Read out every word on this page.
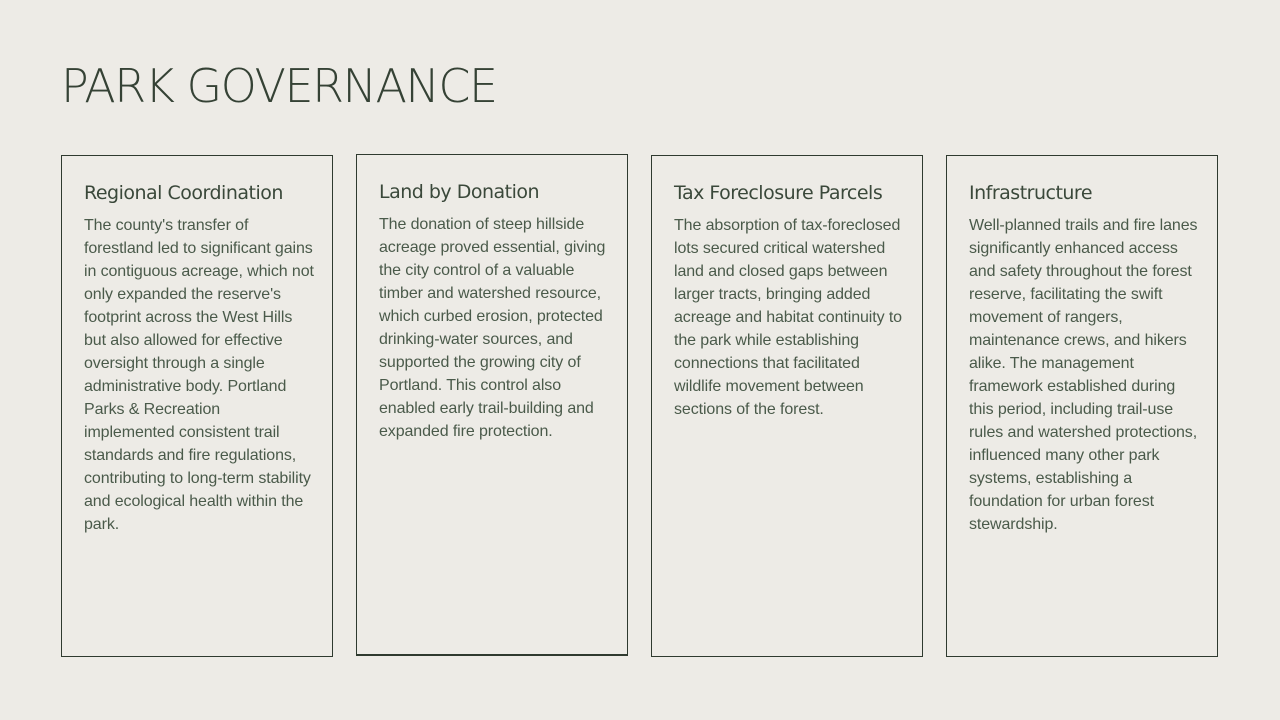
PARK GOVERNANCE
Regional Coordination

The county's transfer of forestland led to significant gains in contiguous acreage, which not only expanded the reserve's footprint across the West Hills but also allowed for effective oversight through a single administrative body. Portland Parks & Recreation implemented consistent trail standards and fire regulations, contributing to long-term stability and ecological health within the park.

Land by Donation

The donation of steep hillside acreage proved essential, giving the city control of a valuable timber and watershed resource, which curbed erosion, protected drinking-water sources, and supported the growing city of Portland. This control also enabled early trail-building and expanded fire protection.

Tax Foreclosure Parcels

The absorption of tax-foreclosed lots secured critical watershed land and closed gaps between larger tracts, bringing added acreage and habitat continuity to the park while establishing connections that facilitated wildlife movement between sections of the forest.

Infrastructure

Well-planned trails and fire lanes significantly enhanced access and safety throughout the forest reserve, facilitating the swift movement of rangers, maintenance crews, and hikers alike. The management framework established during this period, including trail-use rules and watershed protections, influenced many other park systems, establishing a foundation for urban forest stewardship.
